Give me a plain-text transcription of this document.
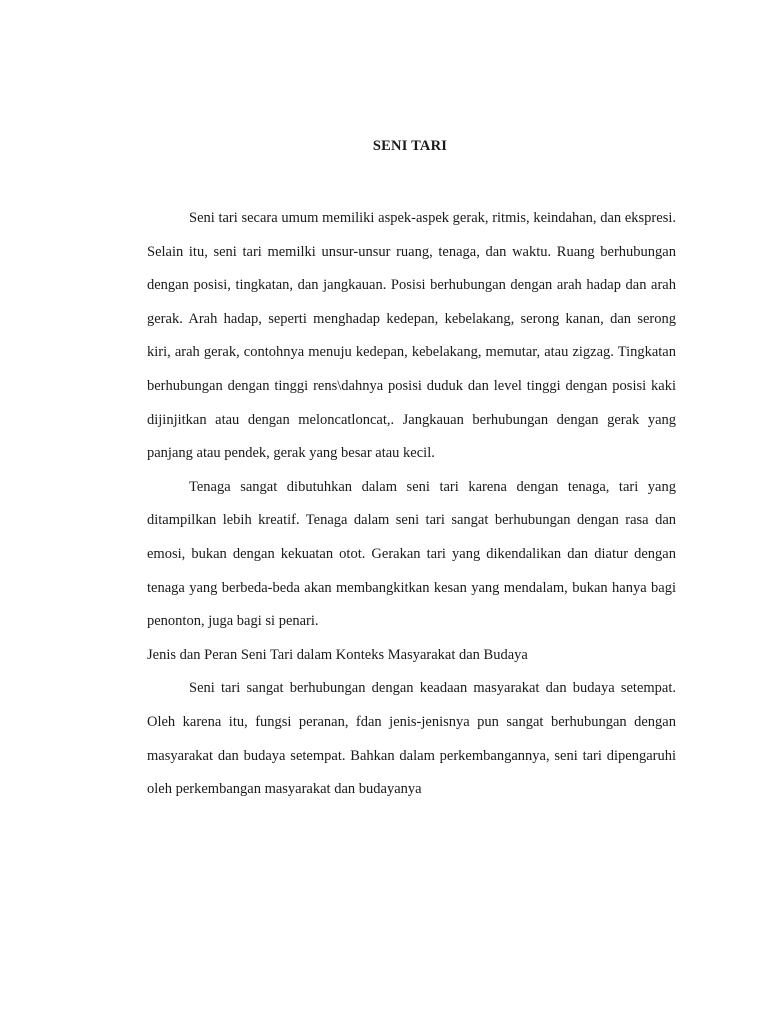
SENI TARI

Seni tari secara umum memiliki aspek-aspek gerak, ritmis, keindahan, dan ekspresi. Selain itu, seni tari memilki unsur-unsur ruang, tenaga, dan waktu. Ruang berhubungan dengan posisi, tingkatan, dan jangkauan. Posisi berhubungan dengan arah hadap dan arah gerak. Arah hadap, seperti menghadap kedepan, kebelakang, serong kanan, dan serong kiri, arah gerak, contohnya menuju kedepan, kebelakang, memutar, atau zigzag. Tingkatan berhubungan dengan tinggi rens\dahnya posisi duduk dan level tinggi dengan posisi kaki dijinjitkan atau dengan meloncatloncat,. Jangkauan berhubungan dengan gerak yang panjang atau pendek, gerak yang besar atau kecil.

Tenaga sangat dibutuhkan dalam seni tari karena dengan tenaga, tari yang ditampilkan lebih kreatif. Tenaga dalam seni tari sangat berhubungan dengan rasa dan emosi, bukan dengan kekuatan otot. Gerakan tari yang dikendalikan dan diatur dengan tenaga yang berbeda-beda akan membangkitkan kesan yang mendalam, bukan hanya bagi penonton, juga bagi si penari.

Jenis dan Peran Seni Tari dalam Konteks Masyarakat dan Budaya

Seni tari sangat berhubungan dengan keadaan masyarakat dan budaya setempat. Oleh karena itu, fungsi peranan, fdan jenis-jenisnya pun sangat berhubungan dengan masyarakat dan budaya setempat. Bahkan dalam perkembangannya, seni tari dipengaruhi oleh perkembangan masyarakat dan budayanya
